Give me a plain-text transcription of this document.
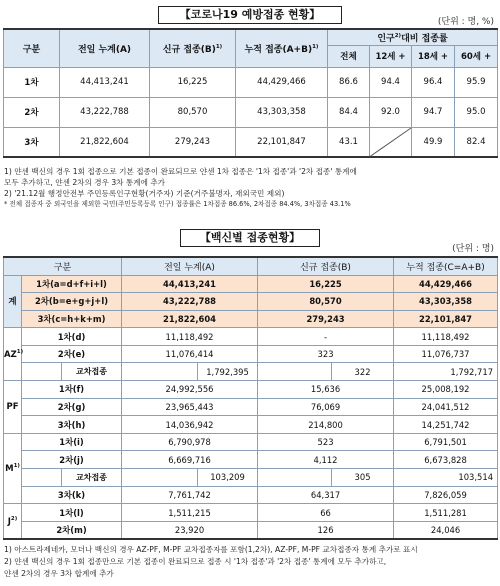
【코로나19 예방접종 현황】
(단위 : 명, %)
구분	전일 누계(A)	신규 접종$(B)^{1)}$	누적 접종$(A+B)^{1)}$	인구$^{2)}$대비 접종률			
				전체	12세 +	18세 +	60세 +
1차	44,413,241	16,225	44,429,466	86.6	94.4	96.4	95.9
2차	43,222,788	80,570	43,303,358	84.4	92.0	94.7	95.0
3차	21,822,604	279,243	22,101,847	43.1		49.9	82.4
1) 얀센 백신의 경우 1회 접종으로 기본 접종이 완료되므로 얀센 1차 접종은 '1차 접종'과 '2차 접종' 통계에
모두 추가하고, 얀센 2차의 경우 3차 통계에 추가
2) '21.12월 행정안전부 주민등록인구현황(거주자) 기준(거주불명자, 재외국민 제외)
* 전체 접종자 중 외국인을 제외한 국민(주민등록등록 인구) 접종률은 1차접종 86.6%, 2차접종 84.4%, 3차접종 43.1%
【백신별 접종현황】
(단위 : 명)
구분			전일 누계(A)		신규 접종(B)		누적 접종(C=A+B)
계	1차(a=d+f+i+l)		44,413,241		16,225		44,429,466
	2차(b=e+g+j+l)		43,222,788		80,570		43,303,358
	3차(c=h+k+m)		21,822,604		279,243		22,101,847
AZ$^{1)}$	1차(d)		11,118,492		-		11,118,492
	2차(e)		11,076,414		323		11,076,737
		교차접종		1,792,395		322	1,792,717
PF	1차(f)		24,992,556		15,636		25,008,192
	2차(g)		23,965,443		76,069		24,041,512
	3차(h)		14,036,942		214,800		14,251,742
$M^{1)}$	1차(i)		6,790,978		523		6,791,501
	2차(j)		6,669,716		4,112		6,673,828
		교차접종		103,209		305	103,514
	3차(k)		7,761,742		64,317		7,826,059
$J^{2)}$	1차(l)		1,511,215		66		1,511,281
	2차(m)		23,920		126		24,046
1) 아스트라제네카, 모더나 백신의 경우 AZ-PF, M-PF 교차접종자를 포함(1,2차), AZ-PF, M-PF 교차접종자 통계 추가로 표시
2) 얀센 백신의 경우 1회 접종만으로 기본 접종이 완료되므로 접종 시 '1차 접종'과 '2차 접종' 통계에 모두 추가하고,
얀센 2차의 경우 3차 합계에 추가
